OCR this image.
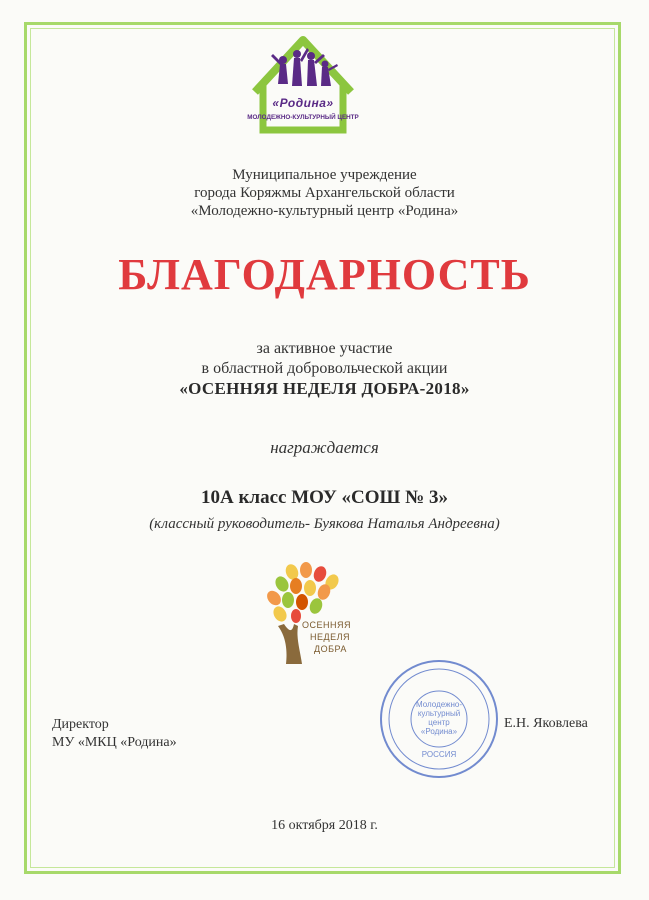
«Родина»
МОЛОДЕЖНО-КУЛЬТУРНЫЙ ЦЕНТР
Муниципальное учреждение
города Коряжмы Архангельской области
«Молодежно-культурный центр «Родина»
БЛАГОДАРНОСТЬ
за активное участие
в областной добровольческой акции
«ОСЕННЯЯ НЕДЕЛЯ ДОБРА-2018»
награждается
10А класс МОУ «СОШ № 3»
(классный руководитель- Буякова Наталья Андреевна)
ОСЕННЯЯ
НЕДЕЛЯ
ДОБРА
Директор
МУ «МКЦ «Родина»
Е.Н. Яковлева
Молодежно-
культурный
центр
«Родина»
РОССИЯ
16 октября 2018 г.
